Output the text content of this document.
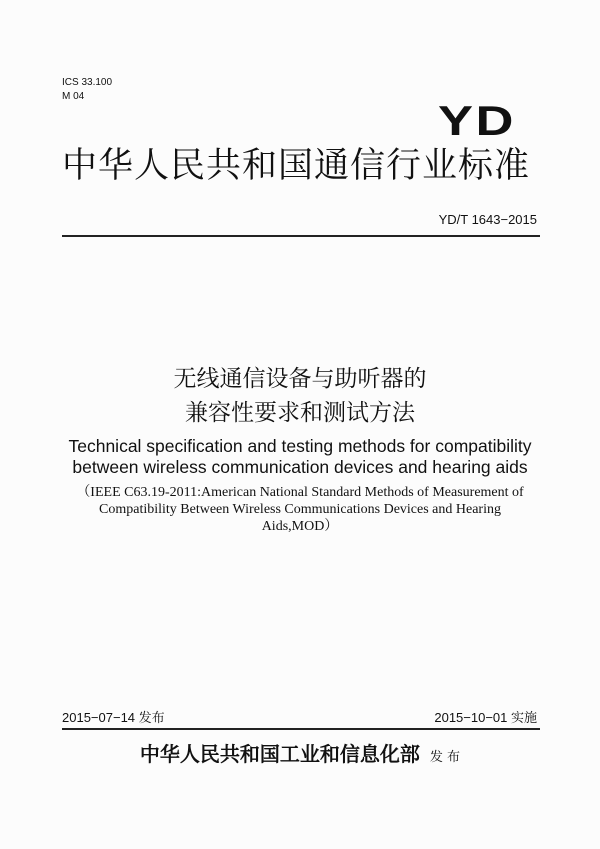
ICS 33.100
M 04
YD
中华人民共和国通信行业标准
YD/T 1643−2015
无线通信设备与助听器的
兼容性要求和测试方法
Technical specification and testing methods for compatibility
between wireless communication devices and hearing aids
（IEEE C63.19-2011:American National Standard Methods of Measurement of
Compatibility Between Wireless Communications Devices and Hearing
Aids,MOD）
2015−07−14 发布	2015−10−01 实施
中华人民共和国工业和信息化部 发 布
